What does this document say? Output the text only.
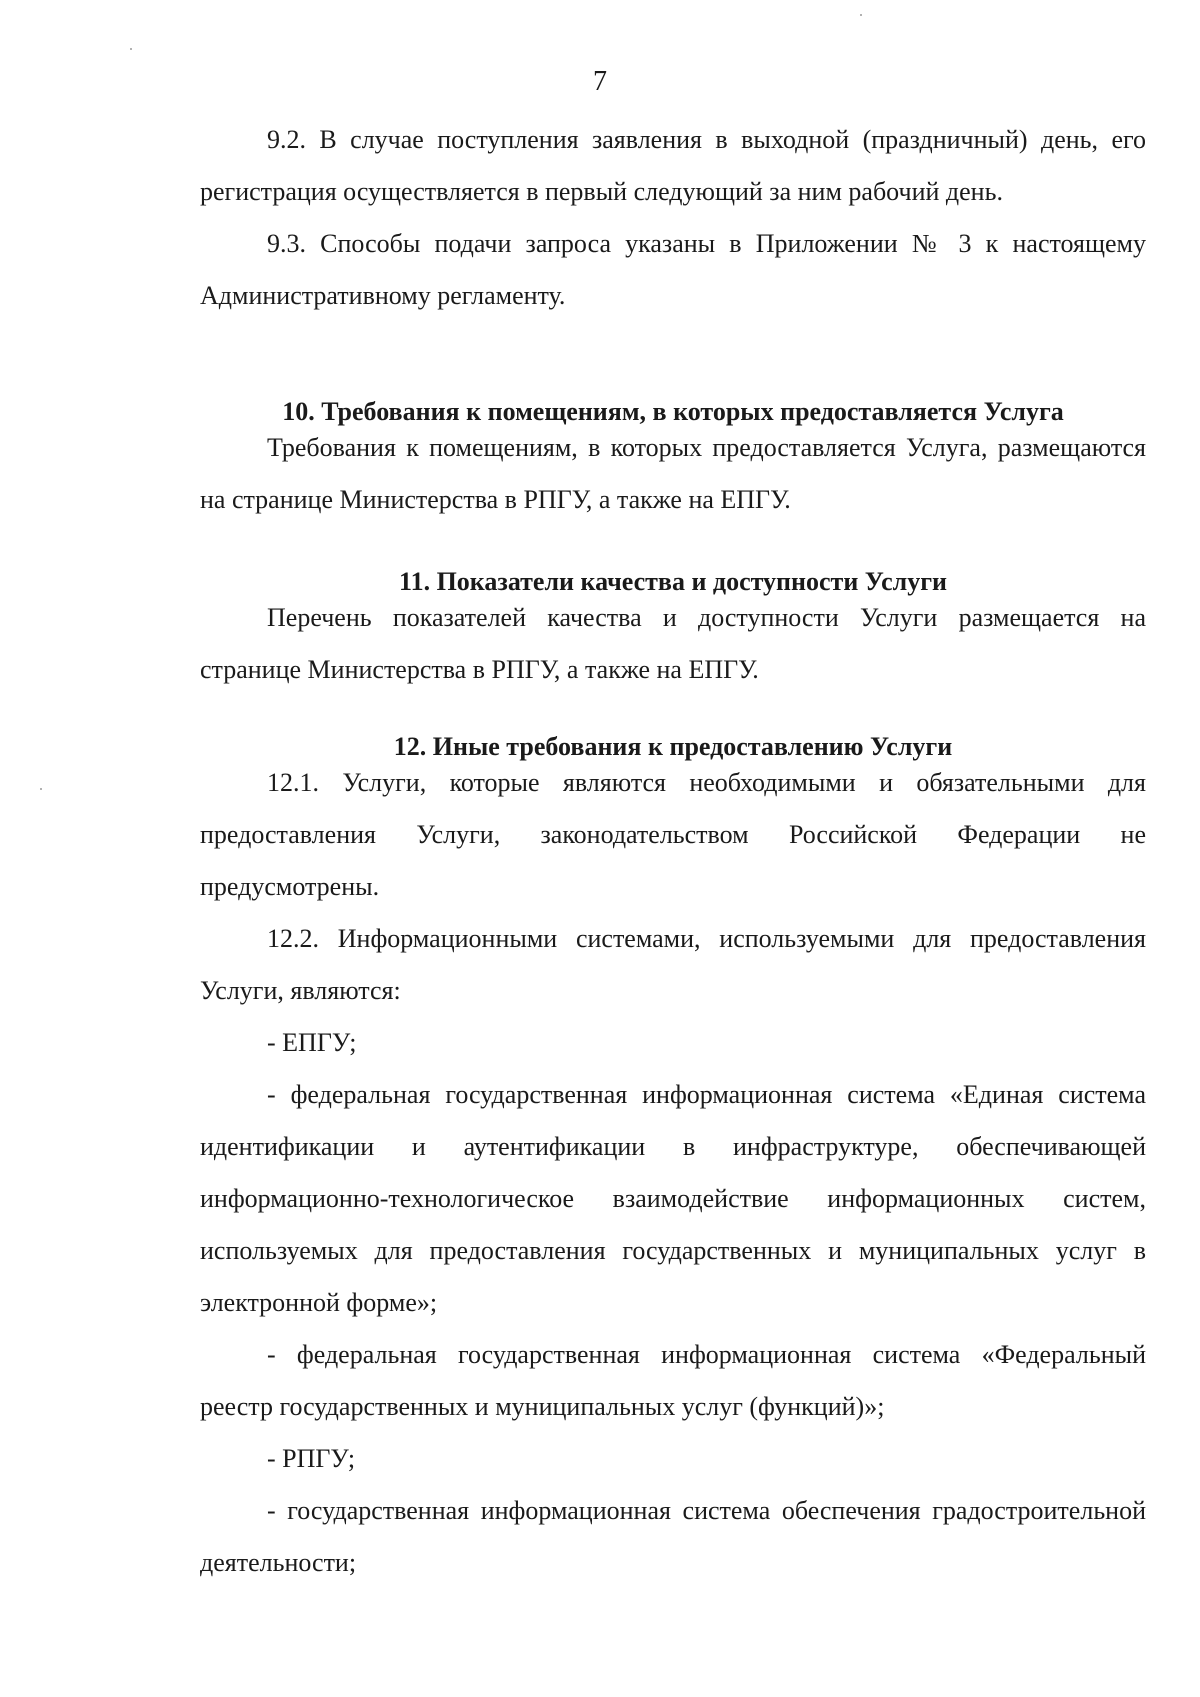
7

9.2. В случае поступления заявления в выходной (праздничный) день, его регистрация осуществляется в первый следующий за ним рабочий день.

9.3. Способы подачи запроса указаны в Приложении № 3 к настоящему Административному регламенту.

10. Требования к помещениям, в которых предоставляется Услуга

Требования к помещениям, в которых предоставляется Услуга, размещаются на странице Министерства в РПГУ, а также на ЕПГУ.

11. Показатели качества и доступности Услуги

Перечень показателей качества и доступности Услуги размещается на странице Министерства в РПГУ, а также на ЕПГУ.

12. Иные требования к предоставлению Услуги

12.1. Услуги, которые являются необходимыми и обязательными для предоставления Услуги, законодательством Российской Федерации не предусмотрены.

12.2. Информационными системами, используемыми для предоставления Услуги, являются:

- ЕПГУ;

- федеральная государственная информационная система «Единая система идентификации и аутентификации в инфраструктуре, обеспечивающей информационно-технологическое взаимодействие информационных систем, используемых для предоставления государственных и муниципальных услуг в электронной форме»;

- федеральная государственная информационная система «Федеральный реестр государственных и муниципальных услуг (функций)»;

- РПГУ;

- государственная информационная система обеспечения градостроительной деятельности;
